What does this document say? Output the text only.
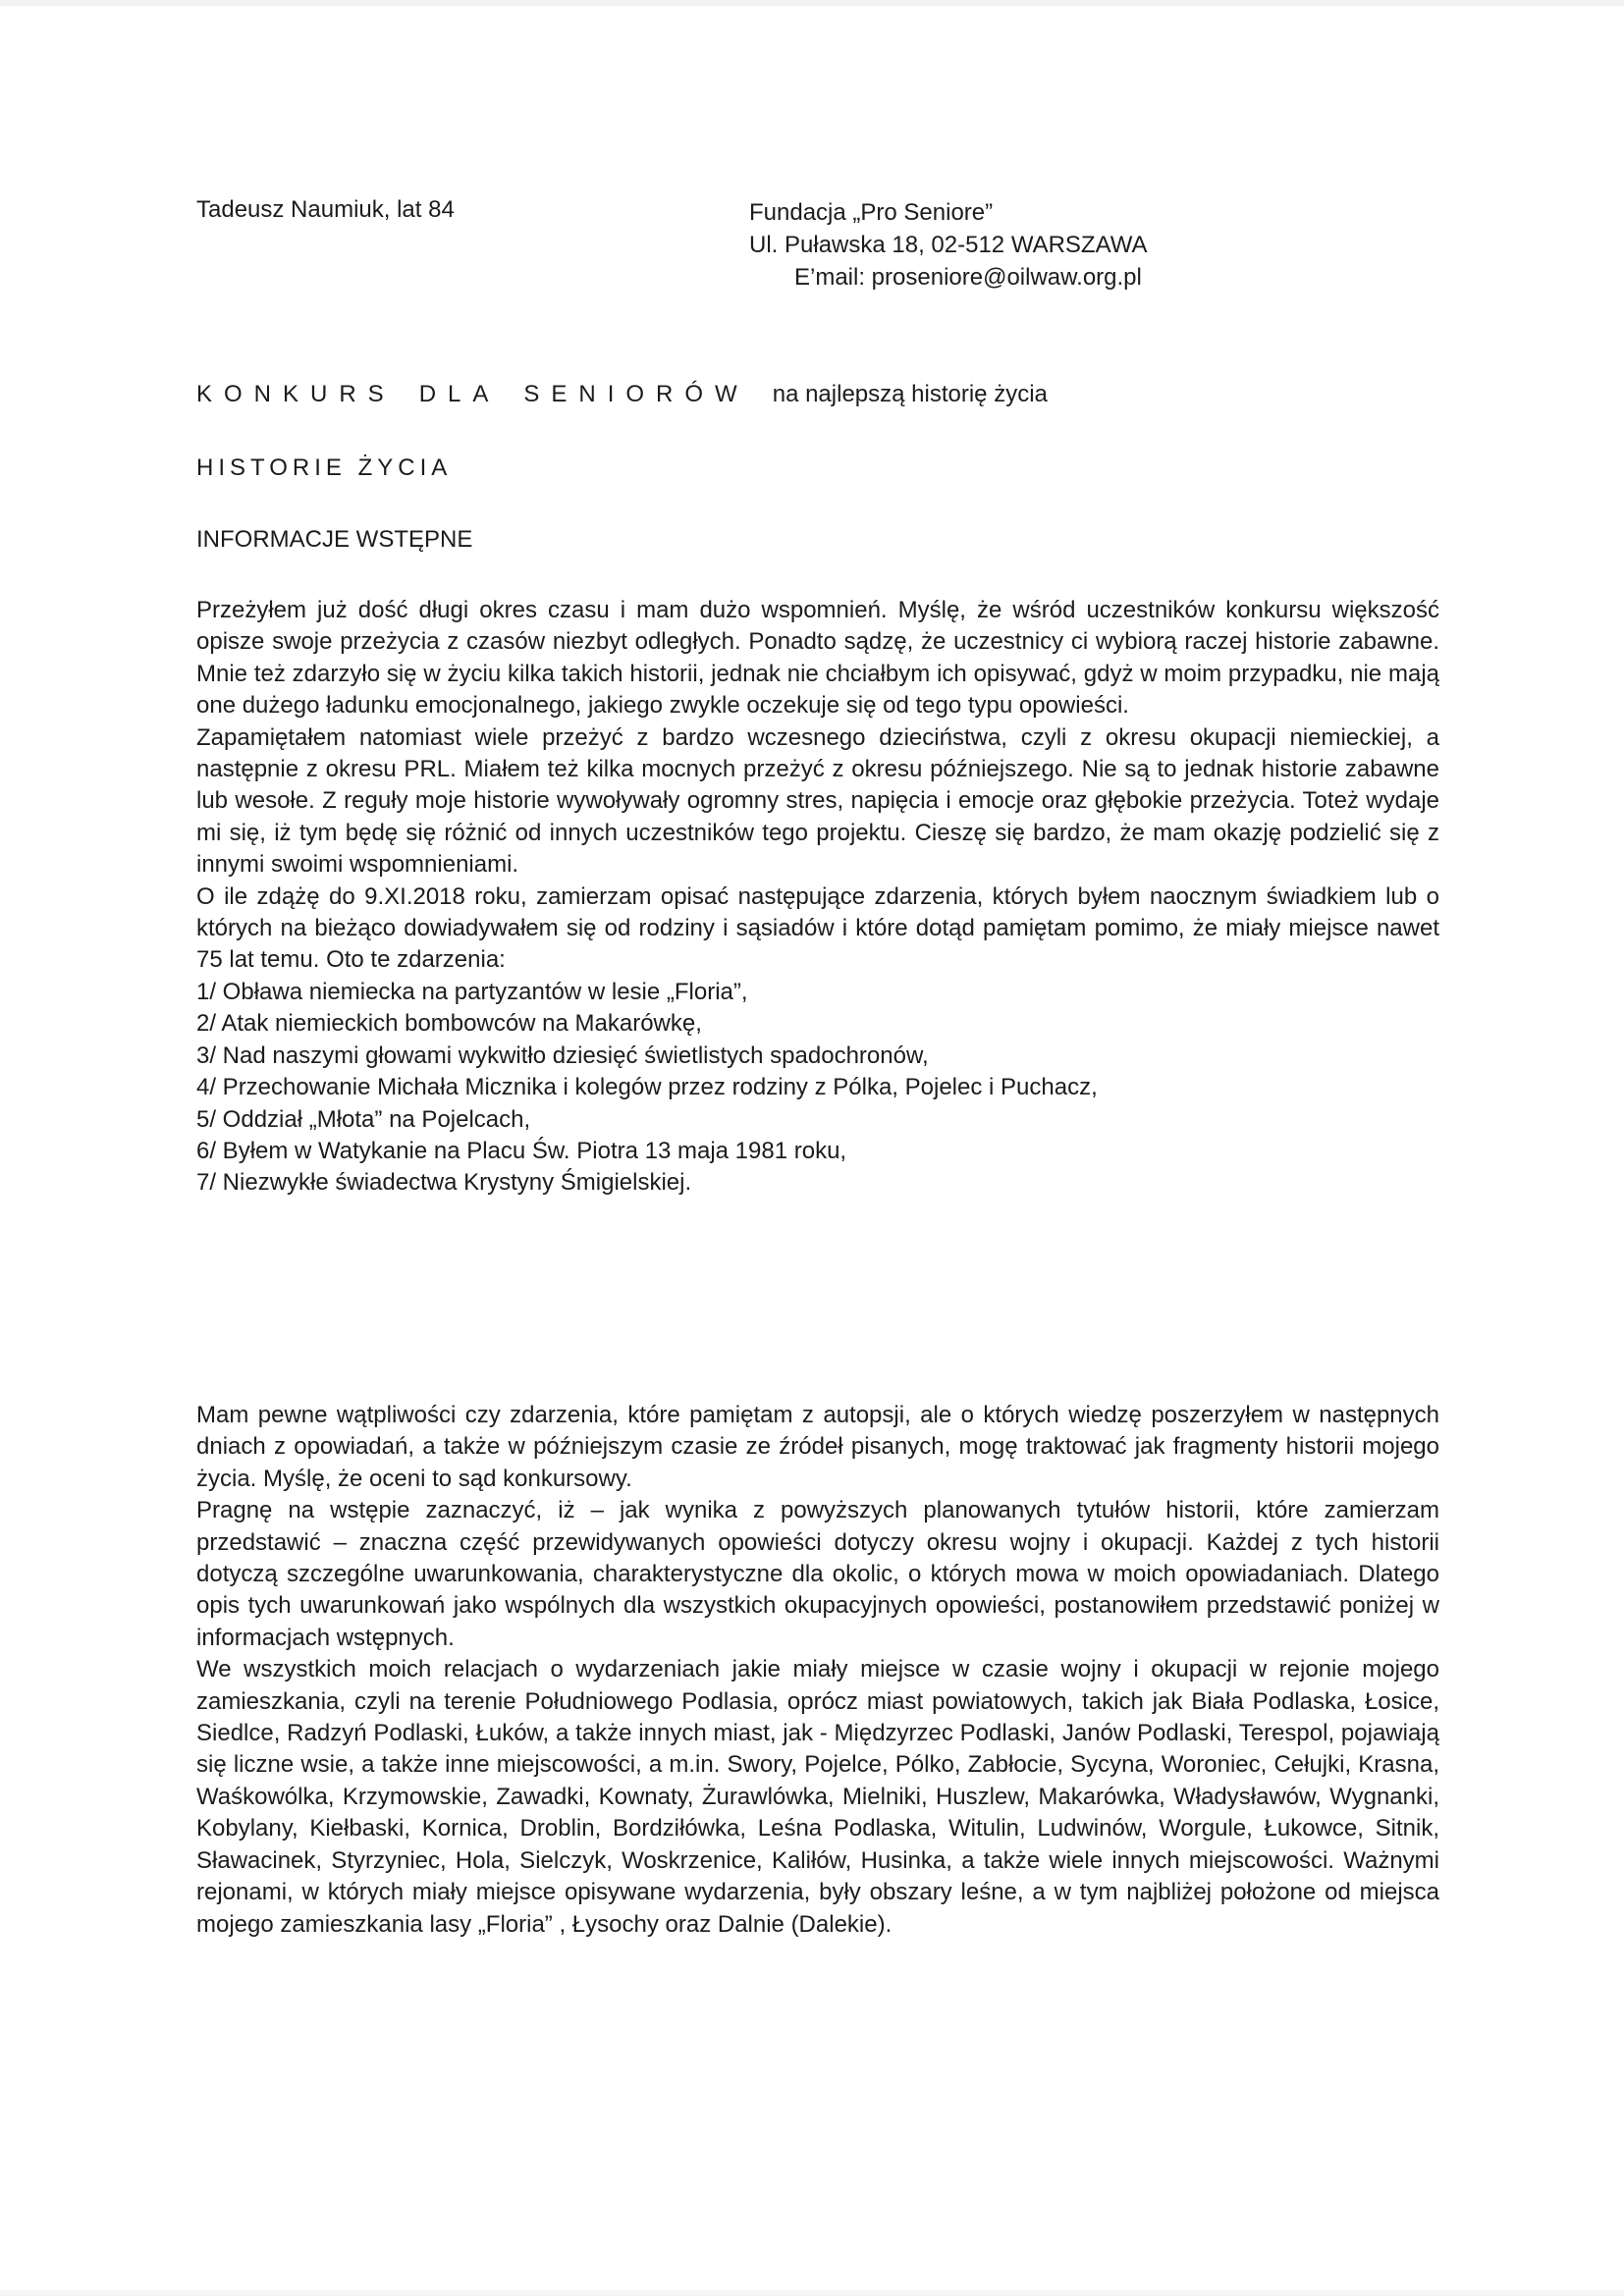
Tadeusz Naumiuk, lat 84	Fundacja „Pro Seniore”
Ul. Puławska 18, 02-512 WARSZAWA
E’mail: proseniore@oilwaw.org.pl
KONKURS DLA SENIORÓW na najlepszą historię życia
HISTORIE ŻYCIA
INFORMACJE WSTĘPNE

Przeżyłem już dość długi okres czasu i mam dużo wspomnień. Myślę, że wśród uczestników konkursu większość opisze swoje przeżycia z czasów niezbyt odległych. Ponadto sądzę, że uczestnicy ci wybiorą raczej historie zabawne. Mnie też zdarzyło się w życiu kilka takich historii, jednak nie chciałbym ich opisywać, gdyż w moim przypadku, nie mają one dużego ładunku emocjonalnego, jakiego zwykle oczekuje się od tego typu opowieści.

Zapamiętałem natomiast wiele przeżyć z bardzo wczesnego dzieciństwa, czyli z okresu okupacji niemieckiej, a następnie z okresu PRL. Miałem też kilka mocnych przeżyć z okresu późniejszego. Nie są to jednak historie zabawne lub wesołe. Z reguły moje historie wywoływały ogromny stres, napięcia i emocje oraz głębokie przeżycia. Toteż wydaje mi się, iż tym będę się różnić od innych uczestników tego projektu. Cieszę się bardzo, że mam okazję podzielić się z innymi swoimi wspomnieniami.

O ile zdążę do 9.XI.2018 roku, zamierzam opisać następujące zdarzenia, których byłem naocznym świadkiem lub o których na bieżąco dowiadywałem się od rodziny i sąsiadów i które dotąd pamiętam pomimo, że miały miejsce nawet 75 lat temu. Oto te zdarzenia:

1/ Obława niemiecka na partyzantów w lesie „Floria”,

2/ Atak niemieckich bombowców na Makarówkę,

3/ Nad naszymi głowami wykwitło dziesięć świetlistych spadochronów,

4/ Przechowanie Michała Micznika i kolegów przez rodziny z Pólka, Pojelec i Puchacz,

5/ Oddział „Młota” na Pojelcach,

6/ Byłem w Watykanie na Placu Św. Piotra 13 maja 1981 roku,

7/ Niezwykłe świadectwa Krystyny Śmigielskiej.

Mam pewne wątpliwości czy zdarzenia, które pamiętam z autopsji, ale o których wiedzę poszerzyłem w następnych dniach z opowiadań, a także w późniejszym czasie ze źródeł pisanych, mogę traktować jak fragmenty historii mojego życia. Myślę, że oceni to sąd konkursowy.

Pragnę na wstępie zaznaczyć, iż – jak wynika z powyższych planowanych tytułów historii, które zamierzam przedstawić – znaczna część przewidywanych opowieści dotyczy okresu wojny i okupacji. Każdej z tych historii dotyczą szczególne uwarunkowania, charakterystyczne dla okolic, o których mowa w moich opowiadaniach. Dlatego opis tych uwarunkowań jako wspólnych dla wszystkich okupacyjnych opowieści, postanowiłem przedstawić poniżej w informacjach wstępnych.

We wszystkich moich relacjach o wydarzeniach jakie miały miejsce w czasie wojny i okupacji w rejonie mojego zamieszkania, czyli na terenie Południowego Podlasia, oprócz miast powiatowych, takich jak Biała Podlaska, Łosice, Siedlce, Radzyń Podlaski, Łuków, a także innych miast, jak - Międzyrzec Podlaski, Janów Podlaski, Terespol, pojawiają się liczne wsie, a także inne miejscowości, a m.in. Swory, Pojelce, Pólko, Zabłocie, Sycyna, Woroniec, Cełujki, Krasna, Waśkowólka, Krzymowskie, Zawadki, Kownaty, Żurawlówka, Mielniki, Huszlew, Makarówka, Władysławów, Wygnanki, Kobylany, Kiełbaski, Kornica, Droblin, Bordziłówka, Leśna Podlaska, Witulin, Ludwinów, Worgule, Łukowce, Sitnik, Sławacinek, Styrzyniec, Hola, Sielczyk, Woskrzenice, Kaliłów, Husinka, a także wiele innych miejscowości. Ważnymi rejonami, w których miały miejsce opisywane wydarzenia, były obszary leśne, a w tym najbliżej położone od miejsca mojego zamieszkania lasy „Floria” , Łysochy oraz Dalnie (Dalekie).
